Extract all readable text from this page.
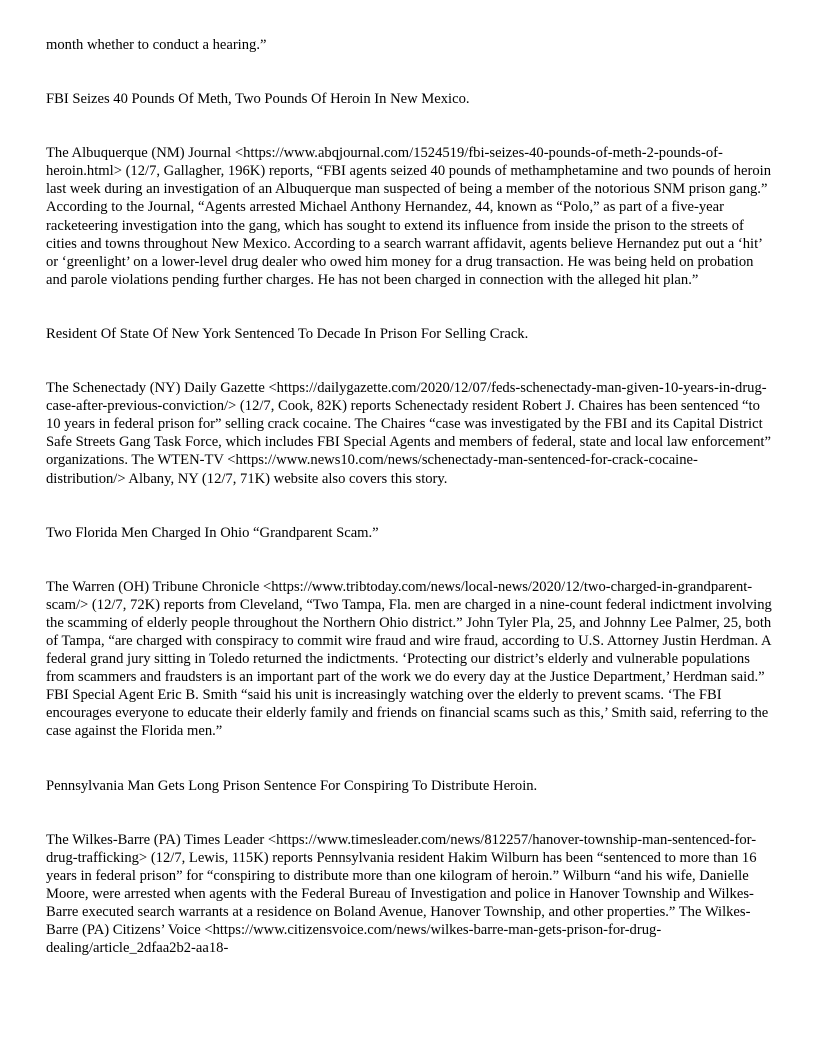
month whether to conduct a hearing.”

FBI Seizes 40 Pounds Of Meth, Two Pounds Of Heroin In New Mexico.

The Albuquerque (NM) Journal <https://www.abqjournal.com/1524519/fbi-seizes-40-pounds-of-meth-2-pounds-of-heroin.html> (12/7, Gallagher, 196K) reports, “FBI agents seized 40 pounds of methamphetamine and two pounds of heroin last week during an investigation of an Albuquerque man suspected of being a member of the notorious SNM prison gang.” According to the Journal, “Agents arrested Michael Anthony Hernandez, 44, known as “Polo,” as part of a five-year racketeering investigation into the gang, which has sought to extend its influence from inside the prison to the streets of cities and towns throughout New Mexico. According to a search warrant affidavit, agents believe Hernandez put out a ‘hit’ or ‘greenlight’ on a lower-level drug dealer who owed him money for a drug transaction. He was being held on probation and parole violations pending further charges. He has not been charged in connection with the alleged hit plan.”

Resident Of State Of New York Sentenced To Decade In Prison For Selling Crack.

The Schenectady (NY) Daily Gazette <https://dailygazette.com/2020/12/07/feds-schenectady-man-given-10-years-in-drug-case-after-previous-conviction/> (12/7, Cook, 82K) reports Schenectady resident Robert J. Chaires has been sentenced “to 10 years in federal prison for” selling crack cocaine. The Chaires “case was investigated by the FBI and its Capital District Safe Streets Gang Task Force, which includes FBI Special Agents and members of federal, state and local law enforcement” organizations. The WTEN-TV <https://www.news10.com/news/schenectady-man-sentenced-for-crack-cocaine-distribution/> Albany, NY (12/7, 71K) website also covers this story.

Two Florida Men Charged In Ohio “Grandparent Scam.”

The Warren (OH) Tribune Chronicle <https://www.tribtoday.com/news/local-news/2020/12/two-charged-in-grandparent-scam/> (12/7, 72K) reports from Cleveland, “Two Tampa, Fla. men are charged in a nine-count federal indictment involving the scamming of elderly people throughout the Northern Ohio district.” John Tyler Pla, 25, and Johnny Lee Palmer, 25, both of Tampa, “are charged with conspiracy to commit wire fraud and wire fraud, according to U.S. Attorney Justin Herdman. A federal grand jury sitting in Toledo returned the indictments. ‘Protecting our district’s elderly and vulnerable populations from scammers and fraudsters is an important part of the work we do every day at the Justice Department,’ Herdman said.” FBI Special Agent Eric B. Smith “said his unit is increasingly watching over the elderly to prevent scams. ‘The FBI encourages everyone to educate their elderly family and friends on financial scams such as this,’ Smith said, referring to the case against the Florida men.”

Pennsylvania Man Gets Long Prison Sentence For Conspiring To Distribute Heroin.

The Wilkes-Barre (PA) Times Leader <https://www.timesleader.com/news/812257/hanover-township-man-sentenced-for-drug-trafficking> (12/7, Lewis, 115K) reports Pennsylvania resident Hakim Wilburn has been “sentenced to more than 16 years in federal prison” for “conspiring to distribute more than one kilogram of heroin.” Wilburn “and his wife, Danielle Moore, were arrested when agents with the Federal Bureau of Investigation and police in Hanover Township and Wilkes-Barre executed search warrants at a residence on Boland Avenue, Hanover Township, and other properties.” The Wilkes-Barre (PA) Citizens’ Voice <https://www.citizensvoice.com/news/wilkes-barre-man-gets-prison-for-drug-dealing/article_2dfaa2b2-aa18-
